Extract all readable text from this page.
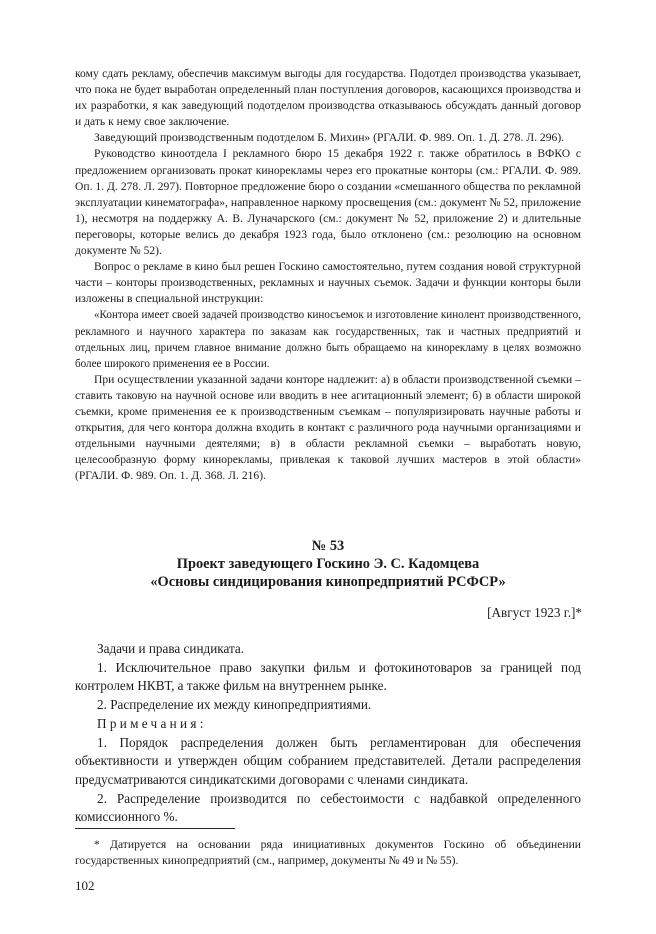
кому сдать рекламу, обеспечив максимум выгоды для государства. Подотдел производства указывает, что пока не будет выработан определенный план поступления договоров, касающихся производства и их разработки, я как заведующий подотделом производства отказываюсь обсуждать данный договор и дать к нему свое заключение.

Заведующий производственным подотделом Б. Михин» (РГАЛИ. Ф. 989. Оп. 1. Д. 278. Л. 296).

Руководство киноотдела I рекламного бюро 15 декабря 1922 г. также обратилось в ВФКО с предложением организовать прокат кинорекламы через его прокатные конторы (см.: РГАЛИ. Ф. 989. Оп. 1. Д. 278. Л. 297). Повторное предложение бюро о создании «смешанного общества по рекламной эксплуатации кинематографа», направленное наркому просвещения (см.: документ № 52, приложение 1), несмотря на поддержку А. В. Луначарского (см.: документ № 52, приложение 2) и длительные переговоры, которые велись до декабря 1923 года, было отклонено (см.: резолюцию на основном документе № 52).

Вопрос о рекламе в кино был решен Госкино самостоятельно, путем создания новой структурной части – конторы производственных, рекламных и научных съемок. Задачи и функции конторы были изложены в специальной инструкции:

«Контора имеет своей задачей производство киносъемок и изготовление кинолент производственного, рекламного и научного характера по заказам как государственных, так и частных предприятий и отдельных лиц, причем главное внимание должно быть обращаемо на кинорекламу в целях возможно более широкого применения ее в России.

При осуществлении указанной задачи конторе надлежит: а) в области производственной съемки – ставить таковую на научной основе или вводить в нее агитационный элемент; б) в области широкой съемки, кроме применения ее к производственным съемкам – популяризировать научные работы и открытия, для чего контора должна входить в контакт с различного рода научными организациями и отдельными научными деятелями; в) в области рекламной съемки – выработать новую, целесообразную форму кинорекламы, привлекая к таковой лучших мастеров в этой области» (РГАЛИ. Ф. 989. Оп. 1. Д. 368. Л. 216).

№ 53
Проект заведующего Госкино Э. С. Кадомцева
«Основы синдицирования кинопредприятий РСФСР»
[Август 1923 г.]*

Задачи и права синдиката.

1. Исключительное право закупки фильм и фотокинотоваров за границей под контролем НКВТ, а также фильм на внутреннем рынке.

2. Распределение их между кинопредприятиями.

Примечания:

1. Порядок распределения должен быть регламентирован для обеспечения объективности и утвержден общим собранием представителей. Детали распределения предусматриваются синдикатскими договорами с членами синдиката.

2. Распределение производится по себестоимости с надбавкой определенного комиссионного %.

* Датируется на основании ряда инициативных документов Госкино об объединении государственных кинопредприятий (см., например, документы № 49 и № 55).

102
